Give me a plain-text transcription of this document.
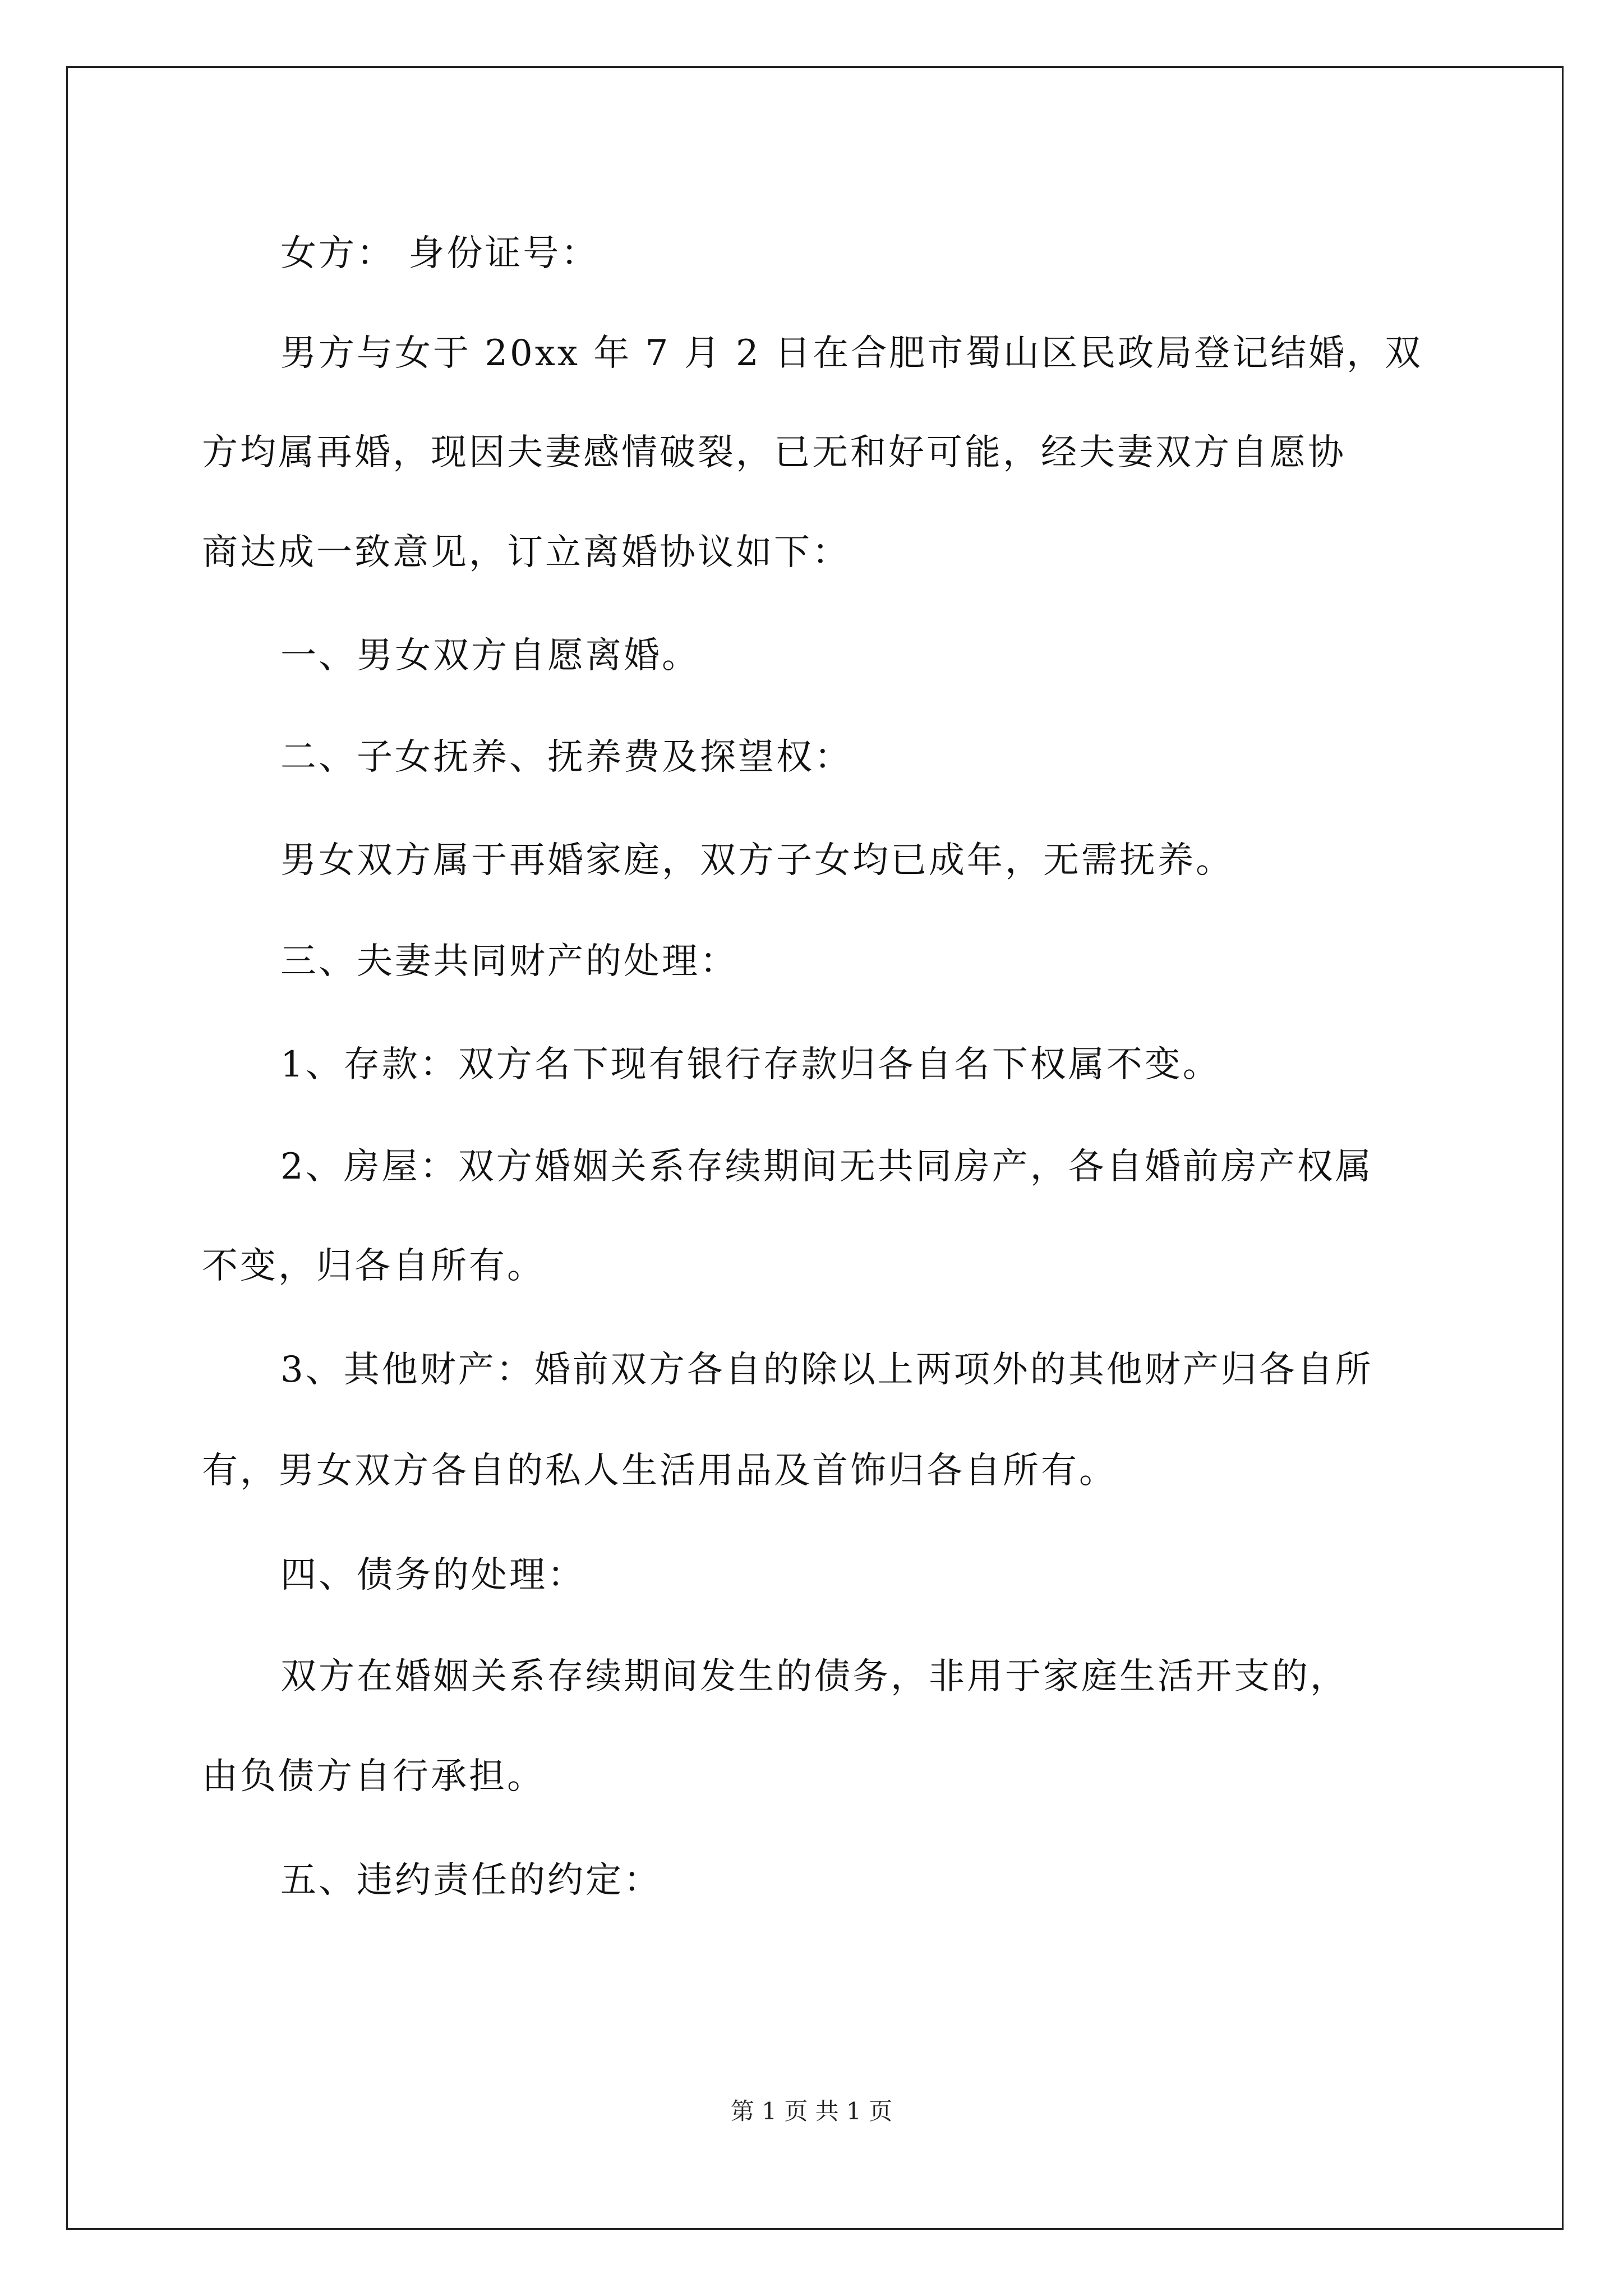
女方： 身份证号：
男方与女于 20xx 年 7 月 2 日在合肥市蜀山区民政局登记结婚，双
方均属再婚，现因夫妻感情破裂，已无和好可能，经夫妻双方自愿协
商达成一致意见，订立离婚协议如下：
一、男女双方自愿离婚。
二、子女抚养、抚养费及探望权：
男女双方属于再婚家庭，双方子女均已成年，无需抚养。
三、夫妻共同财产的处理：
1、存款：双方名下现有银行存款归各自名下权属不变。
2、房屋：双方婚姻关系存续期间无共同房产，各自婚前房产权属
不变，归各自所有。
3、其他财产：婚前双方各自的除以上两项外的其他财产归各自所
有，男女双方各自的私人生活用品及首饰归各自所有。
四、债务的处理：
双方在婚姻关系存续期间发生的债务，非用于家庭生活开支的，
由负债方自行承担。
五、违约责任的约定：
第 1 页 共 1 页
